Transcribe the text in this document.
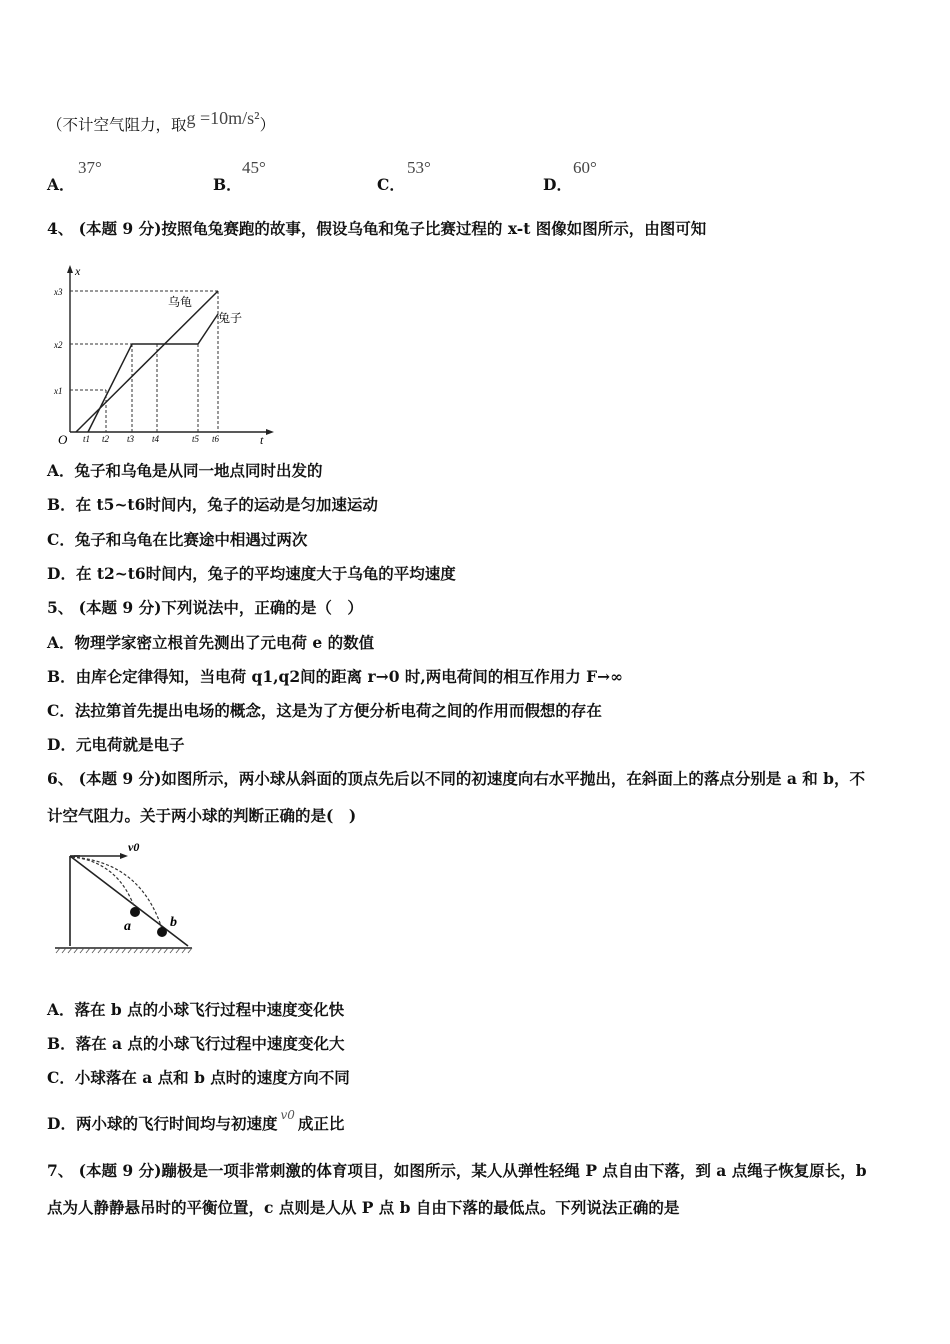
（不计空气阻力，取g =10m/s²）
A．
37°
B．
45°
C．
53°
D．
60°
4、 (本题 9 分)按照龟兔赛跑的故事，假设乌龟和兔子比赛过程的 x-t 图像如图所示，由图可知
x
t
O
x3
x2
x1
t1 t2 t3 t4	t5 t6
乌龟
兔子
A．兔子和乌龟是从同一地点同时出发的
B．在 t5~t6时间内，兔子的运动是匀加速运动
C．兔子和乌龟在比赛途中相遇过两次
D．在 t2~t6时间内，兔子的平均速度大于乌龟的平均速度
5、 (本题 9 分)下列说法中，正确的是（　）
A．物理学家密立根首先测出了元电荷 e 的数值
B．由库仑定律得知，当电荷 q1,q2间的距离 r→0 时,两电荷间的相互作用力 F→∞
C．法拉第首先提出电场的概念，这是为了方便分析电荷之间的作用而假想的存在
D．元电荷就是电子
6、 (本题 9 分)如图所示，两小球从斜面的顶点先后以不同的初速度向右水平抛出，在斜面上的落点分别是 a 和 b，不
计空气阻力。关于两小球的判断正确的是(　)
v0
a	b
A．落在 b 点的小球飞行过程中速度变化快
B．落在 a 点的小球飞行过程中速度变化大
C．小球落在 a 点和 b 点时的速度方向不同
D．两小球的飞行时间均与初速度 $^{v0}$ 成正比
7、 (本题 9 分)蹦极是一项非常刺激的体育项目，如图所示，某人从弹性轻绳 P 点自由下落，到 a 点绳子恢复原长，b
点为人静静悬吊时的平衡位置，c 点则是人从 P 点 b 自由下落的最低点。下列说法正确的是
